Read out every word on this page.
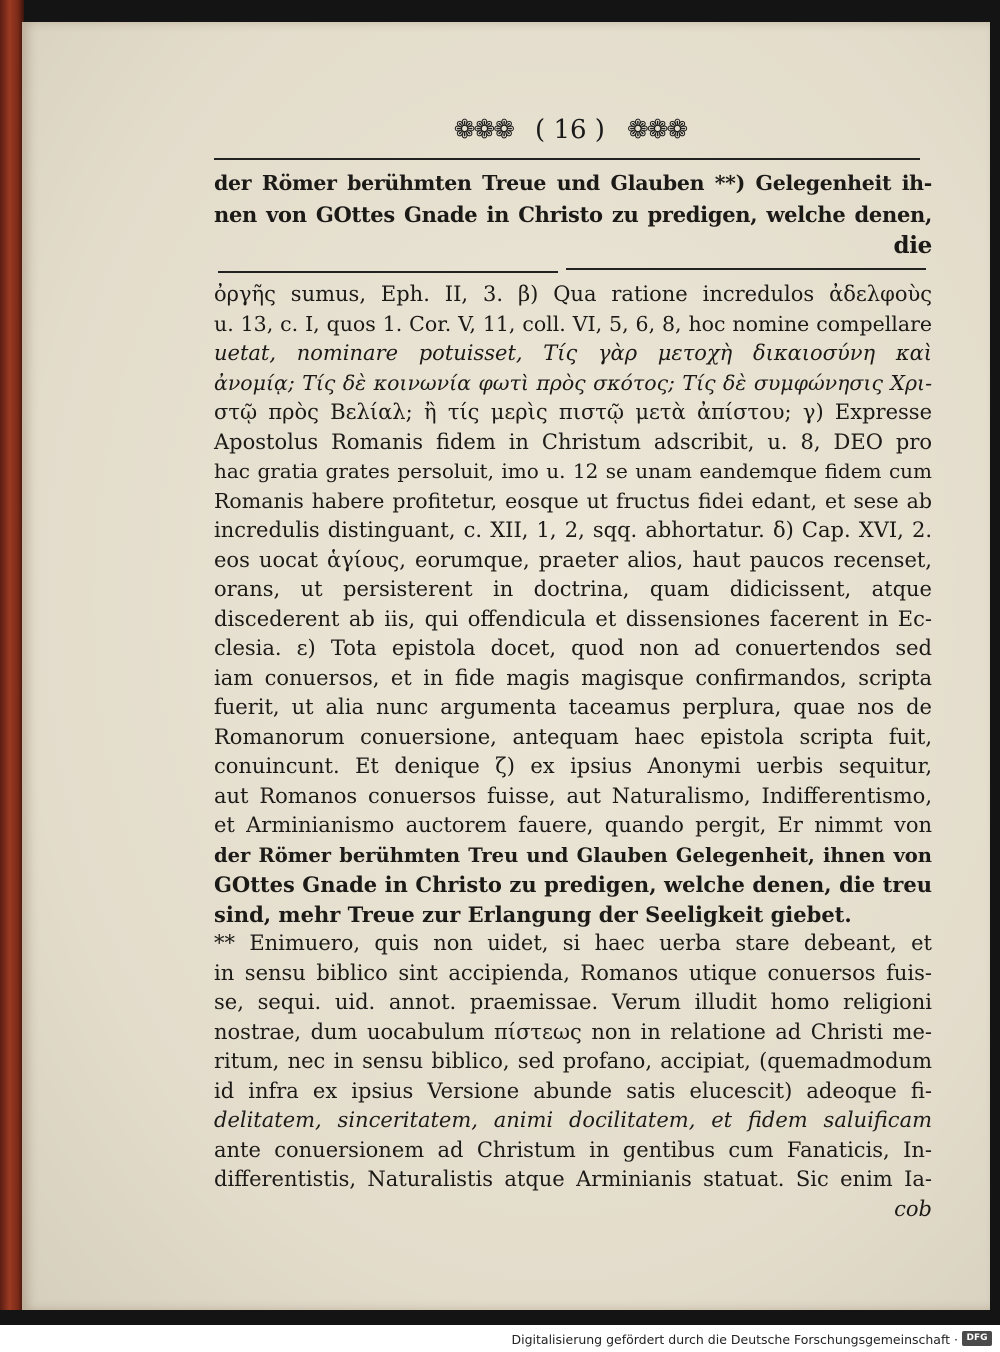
❁❁❁ ( 16 ) ❁❁❁
der Römer berühmten Treue und Glauben **) Gelegenheit ih-
nen von GOttes Gnade in Christo zu predigen, welche denen,
die
ὀργῆς sumus, Eph. II, 3. β) Qua ratione incredulos ἀδελφοὺς
u. 13, c. I, quos 1. Cor. V, 11, coll. VI, 5, 6, 8, hoc nomine compellare
uetat, nominare potuisset, Τίς γὰρ μετοχὴ δικαιοσύνη καὶ
ἀνομίᾳ; Τίς δὲ κοινωνία φωτὶ πρὸς σκότος; Τίς δὲ συμφώνησις Χρι-
στῷ πρὸς Βελίαλ; ἢ τίς μερὶς πιστῷ μετὰ ἀπίστου; γ) Expresse
Apostolus Romanis fidem in Christum adscribit, u. 8, DEO pro
hac gratia grates persoluit, imo u. 12 se unam eandemque fidem cum
Romanis habere profitetur, eosque ut fructus fidei edant, et sese ab
incredulis distinguant, c. XII, 1, 2, sqq. abhortatur. δ) Cap. XVI, 2.
eos uocat ἁγίους, eorumque, praeter alios, haut paucos recenset,
orans, ut persisterent in doctrina, quam didicissent, atque
discederent ab iis, qui offendicula et dissensiones facerent in Ec-
clesia. ε) Tota epistola docet, quod non ad conuertendos sed
iam conuersos, et in fide magis magisque confirmandos, scripta
fuerit, ut alia nunc argumenta taceamus perplura, quae nos de
Romanorum conuersione, antequam haec epistola scripta fuit,
conuincunt. Et denique ζ) ex ipsius Anonymi uerbis sequitur,
aut Romanos conuersos fuisse, aut Naturalismo, Indifferentismo,
et Arminianismo auctorem fauere, quando pergit, Er nimmt von
der Römer berühmten Treu und Glauben Gelegenheit, ihnen von
GOttes Gnade in Christo zu predigen, welche denen, die treu
sind, mehr Treue zur Erlangung der Seeligkeit giebet.
** Enimuero, quis non uidet, si haec uerba stare debeant, et
in sensu biblico sint accipienda, Romanos utique conuersos fuis-
se, sequi. uid. annot. praemissae. Verum illudit homo religioni
nostrae, dum uocabulum πίστεως non in relatione ad Christi me-
ritum, nec in sensu biblico, sed profano, accipiat, (quemadmodum
id infra ex ipsius Versione abunde satis elucescit) adeoque fi-
delitatem, sinceritatem, animi docilitatem, et fidem saluificam
ante conuersionem ad Christum in gentibus cum Fanaticis, In-
differentistis, Naturalistis atque Arminianis statuat. Sic enim Ia-
cob
Digitalisierung gefördert durch die Deutsche Forschungsgemeinschaft · DFG
